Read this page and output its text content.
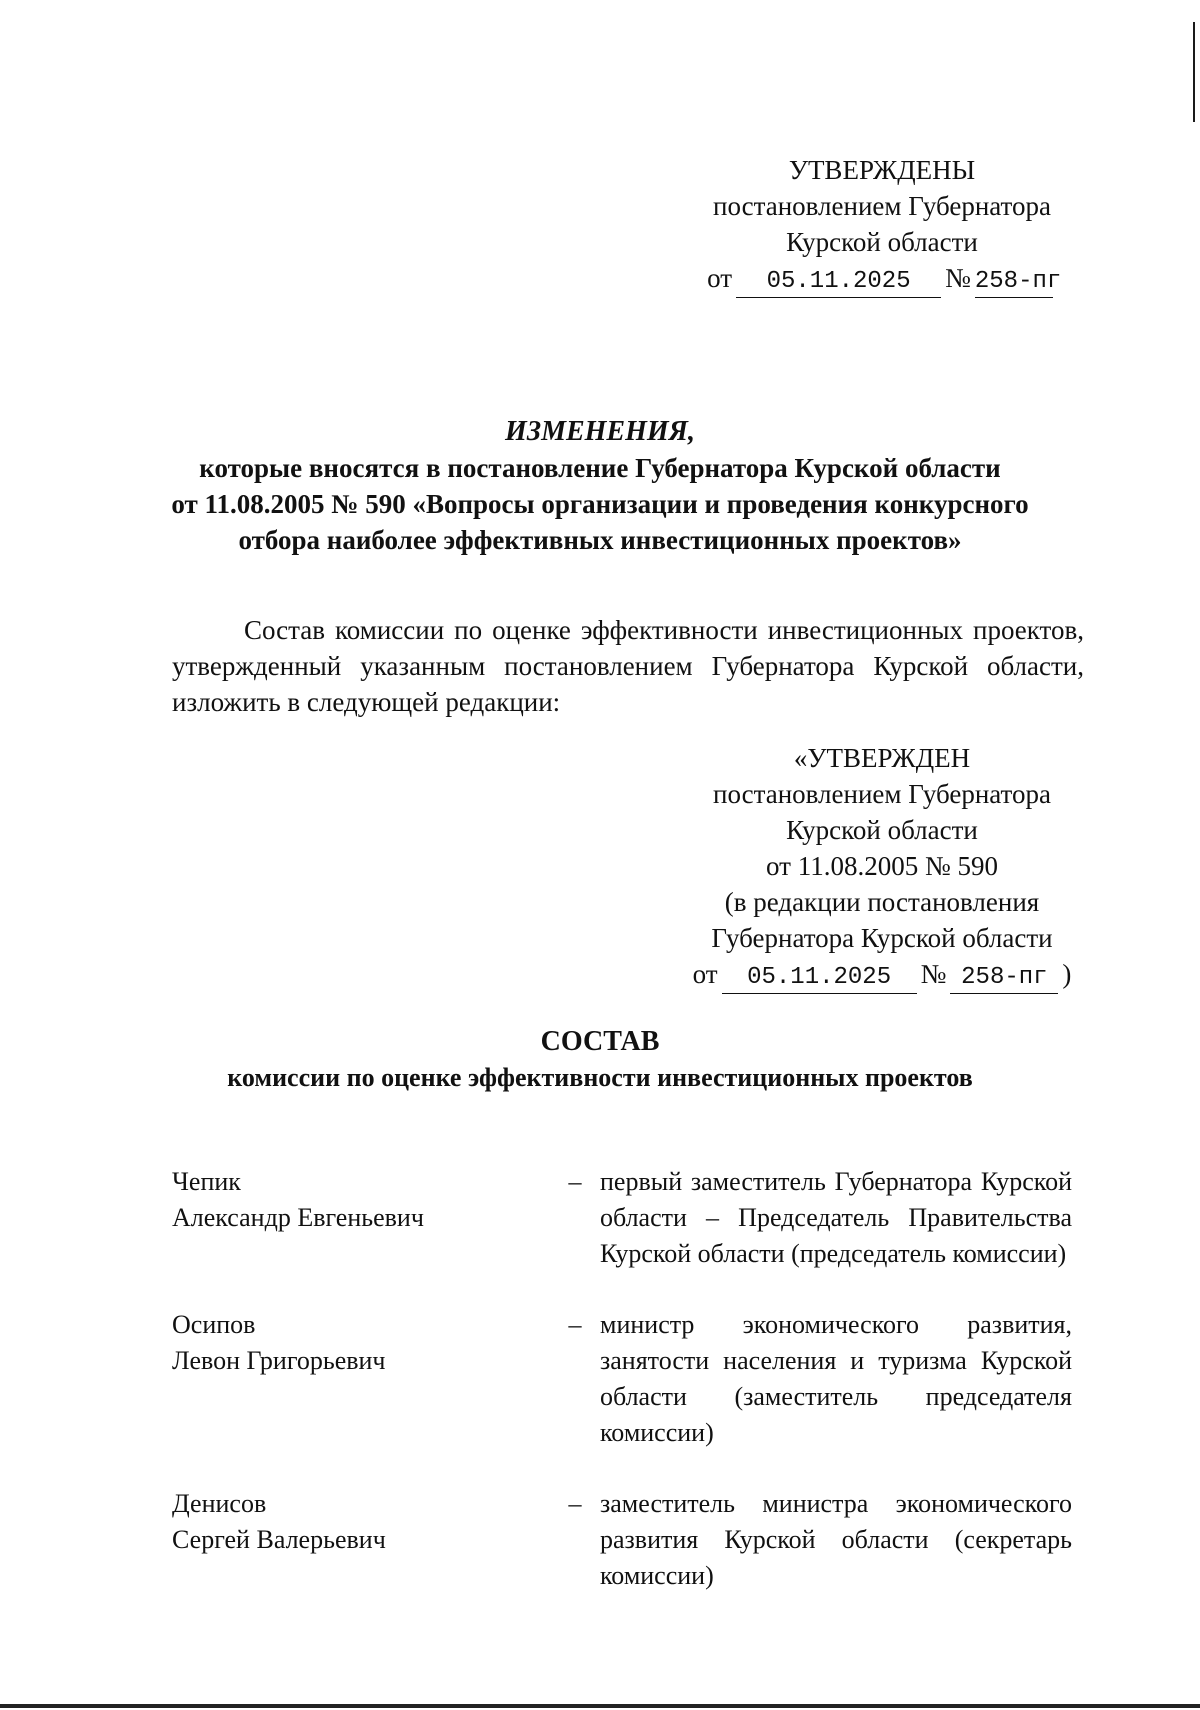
УТВЕРЖДЕНЫ
постановлением Губернатора
Курской области
от	05.11.2025	№ 258-пг
ИЗМЕНЕНИЯ,
которые вносятся в постановление Губернатора Курской области
от 11.08.2005 № 590 «Вопросы организации и проведения конкурсного
отбора наиболее эффективных инвестиционных проектов»
Состав комиссии по оценке эффективности инвестиционных проектов, утвержденный указанным постановлением Губернатора Курской области, изложить в следующей редакции:
«УТВЕРЖДЕН
постановлением Губернатора
Курской области
от 11.08.2005 № 590
(в редакции постановления
Губернатора Курской области
от	05.11.2025	№ 258-пг )
СОСТАВ
комиссии по оценке эффективности инвестиционных проектов
Чепик
Александр Евгеньевич
– первый заместитель Губернатора Курской области – Председатель Правительства Курской области (председатель комиссии)
Осипов
Левон Григорьевич
– министр экономического развития, занятости населения и туризма Курской области (заместитель председателя комиссии)
Денисов
Сергей Валерьевич
– заместитель министра экономического развития Курской области (секретарь комиссии)
